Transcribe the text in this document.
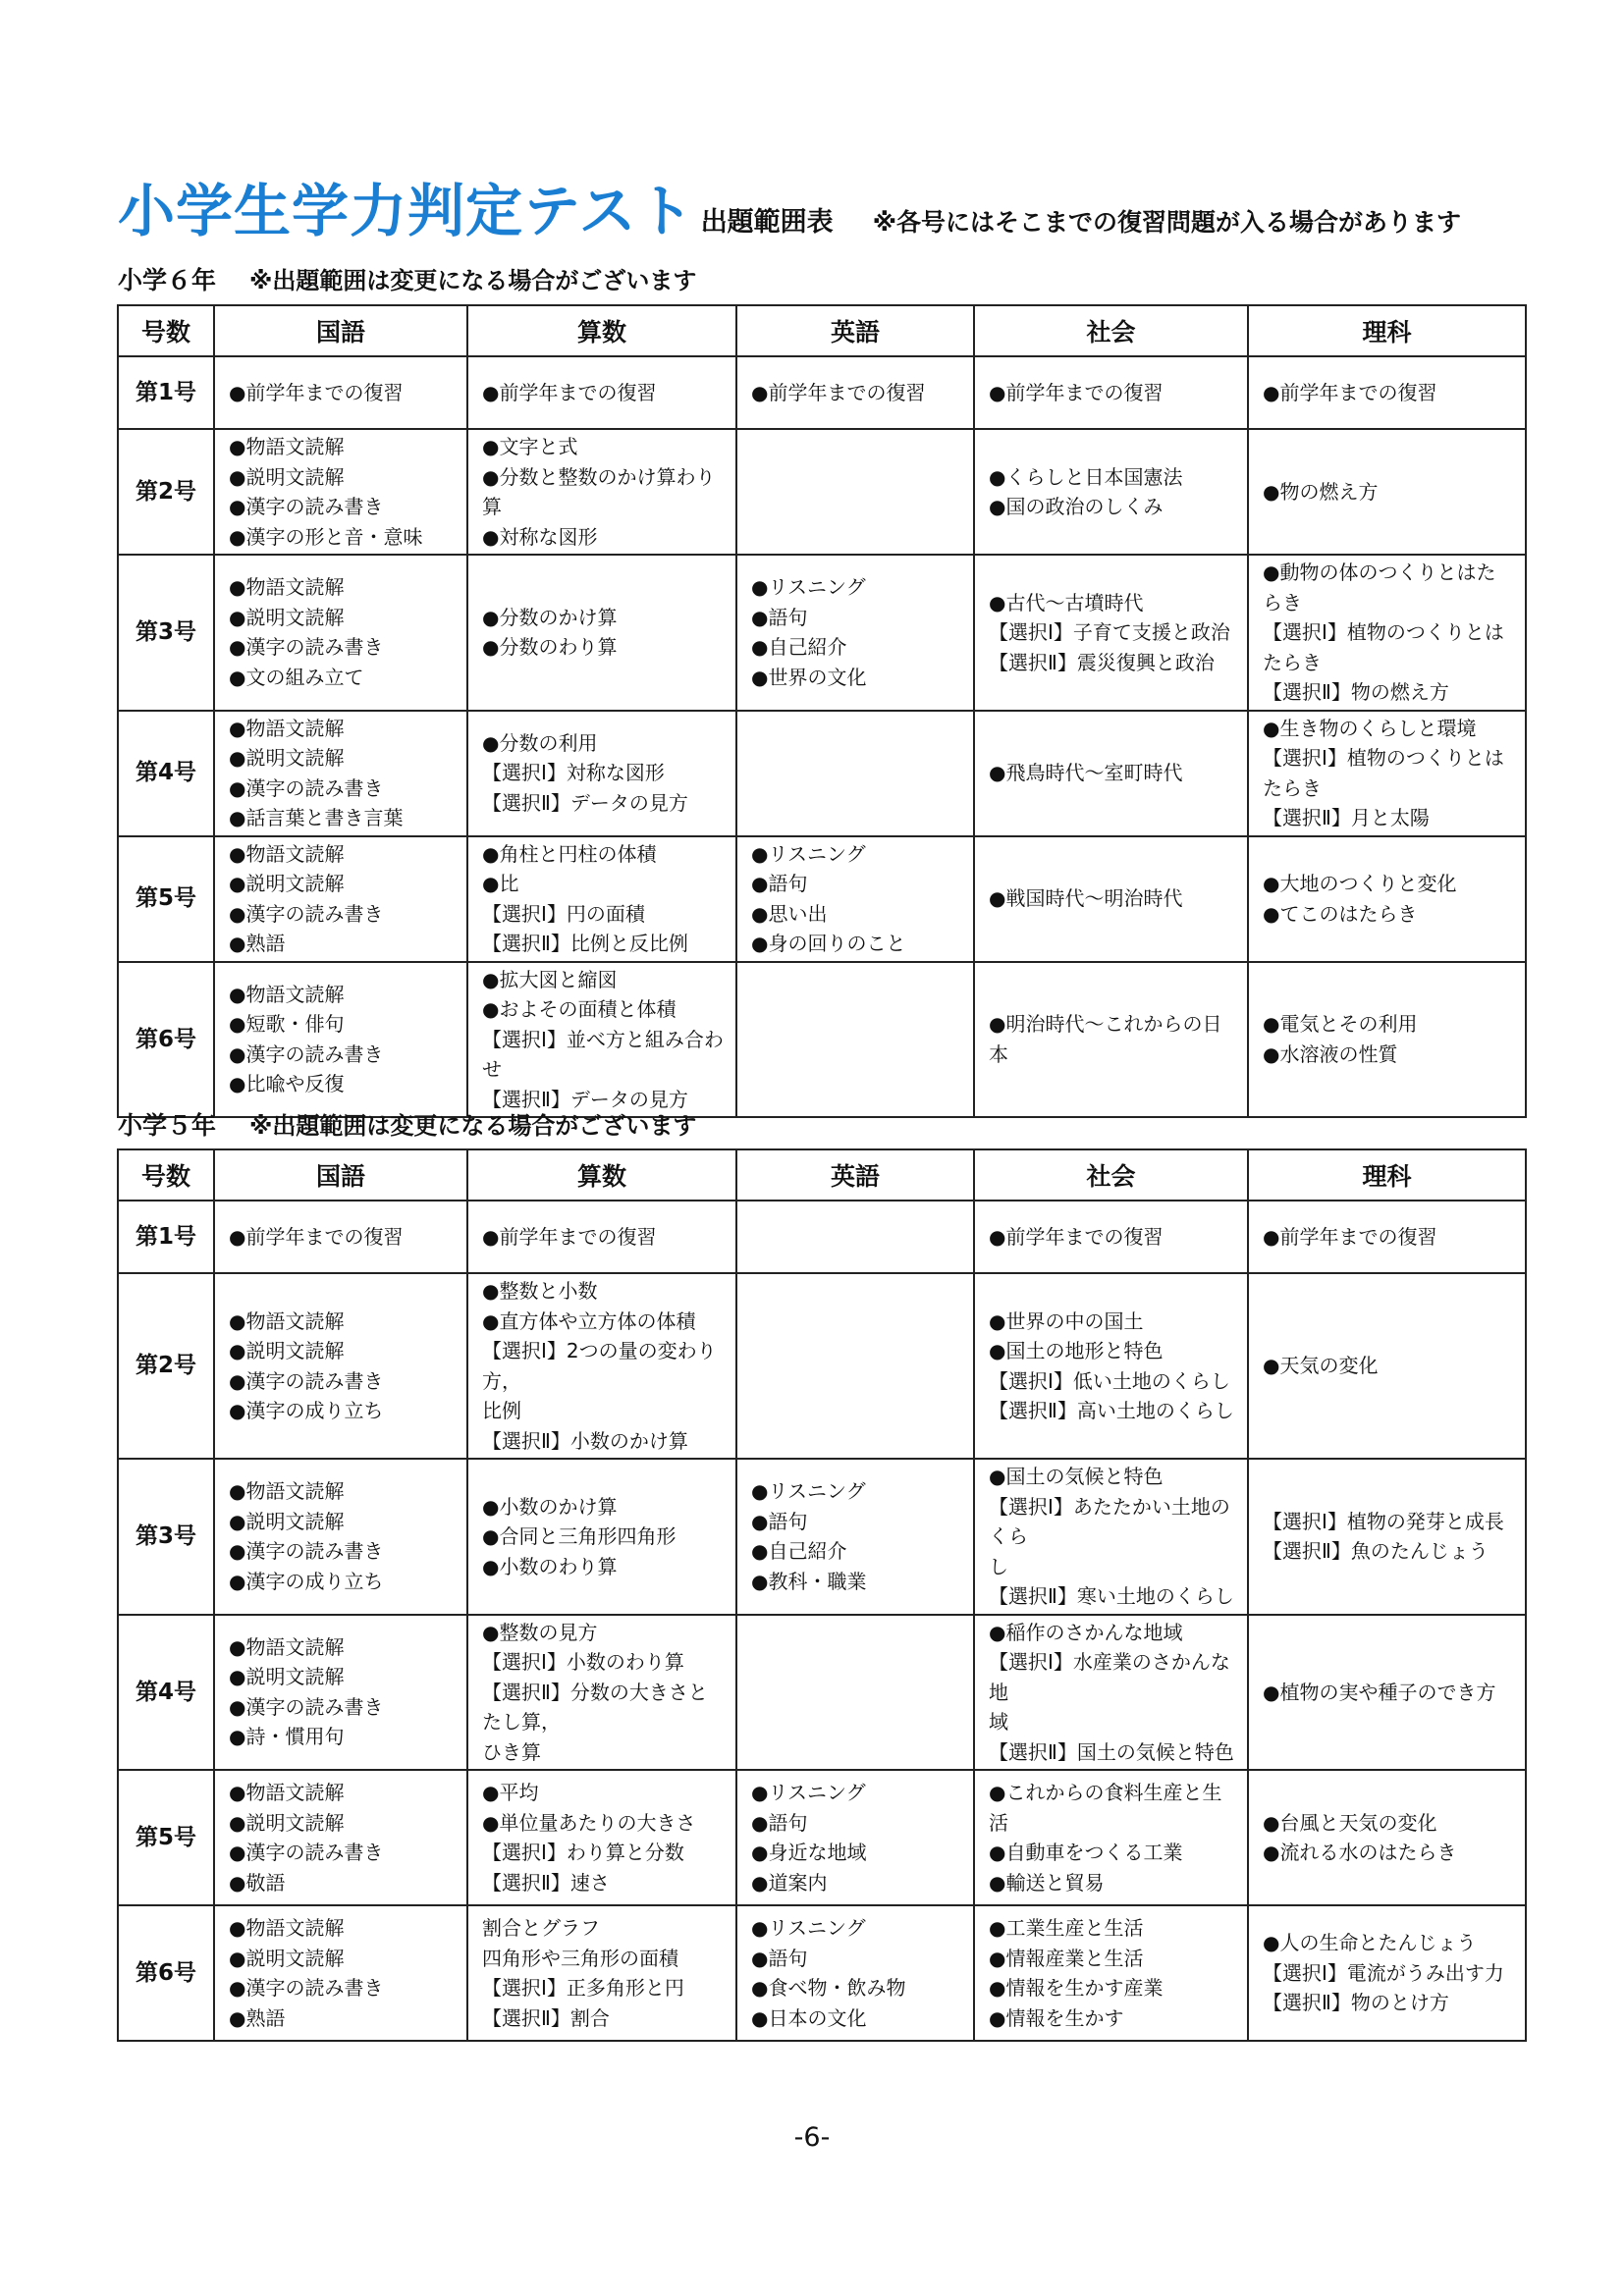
小学生学力判定テスト 出題範囲表 ※各号にはそこまでの復習問題が入る場合があります
小学６年 ※出題範囲は変更になる場合がございます
号数	国語	算数	英語	社会	理科
第1号	●前学年までの復習	●前学年までの復習	●前学年までの復習	●前学年までの復習	●前学年までの復習

第2号	●物語文読解
●説明文読解
●漢字の読み書き
●漢字の形と音・意味	●文字と式
●分数と整数のかけ算わり算
●対称な図形		●くらしと日本国憲法
●国の政治のしくみ	●物の燃え方

第3号	●物語文読解
●説明文読解
●漢字の読み書き
●文の組み立て	●分数のかけ算
●分数のわり算	●リスニング
●語句
●自己紹介
●世界の文化	●古代～古墳時代
【選択Ⅰ】子育て支援と政治
【選択Ⅱ】震災復興と政治	●動物の体のつくりとはたらき
【選択Ⅰ】植物のつくりとはたらき
【選択Ⅱ】物の燃え方

第4号	●物語文読解
●説明文読解
●漢字の読み書き
●話言葉と書き言葉	●分数の利用
【選択Ⅰ】対称な図形
【選択Ⅱ】データの見方		●飛鳥時代～室町時代	●生き物のくらしと環境
【選択Ⅰ】植物のつくりとはたらき
【選択Ⅱ】月と太陽

第5号	●物語文読解
●説明文読解
●漢字の読み書き
●熟語	●角柱と円柱の体積
●比
【選択Ⅰ】円の面積
【選択Ⅱ】比例と反比例	●リスニング
●語句
●思い出
●身の回りのこと	●戦国時代～明治時代	●大地のつくりと変化
●てこのはたらき

第6号	●物語文読解
●短歌・俳句
●漢字の読み書き
●比喩や反復	●拡大図と縮図
●およその面積と体積
【選択Ⅰ】並べ方と組み合わせ
【選択Ⅱ】データの見方		●明治時代～これからの日本	●電気とその利用
●水溶液の性質
小学５年 ※出題範囲は変更になる場合がございます
号数	国語	算数	英語	社会	理科
第1号	●前学年までの復習	●前学年までの復習		●前学年までの復習	●前学年までの復習

第2号	●物語文読解
●説明文読解
●漢字の読み書き
●漢字の成り立ち	●整数と小数
●直方体や立方体の体積
【選択Ⅰ】2つの量の変わり方，
比例
【選択Ⅱ】小数のかけ算		●世界の中の国土
●国土の地形と特色
【選択Ⅰ】低い土地のくらし
【選択Ⅱ】高い土地のくらし	●天気の変化

第3号	●物語文読解
●説明文読解
●漢字の読み書き
●漢字の成り立ち	●小数のかけ算
●合同と三角形四角形
●小数のわり算	●リスニング
●語句
●自己紹介
●教科・職業	●国土の気候と特色
【選択Ⅰ】あたたかい土地のくら
し
【選択Ⅱ】寒い土地のくらし	【選択Ⅰ】植物の発芽と成長
【選択Ⅱ】魚のたんじょう

第4号	●物語文読解
●説明文読解
●漢字の読み書き
●詩・慣用句	●整数の見方
【選択Ⅰ】小数のわり算
【選択Ⅱ】分数の大きさとたし算，
ひき算		●稲作のさかんな地域
【選択Ⅰ】水産業のさかんな地
域
【選択Ⅱ】国土の気候と特色	●植物の実や種子のでき方

第5号	●物語文読解
●説明文読解
●漢字の読み書き
●敬語	●平均
●単位量あたりの大きさ
【選択Ⅰ】わり算と分数
【選択Ⅱ】速さ	●リスニング
●語句
●身近な地域
●道案内	●これからの食料生産と生活
●自動車をつくる工業
●輸送と貿易	●台風と天気の変化
●流れる水のはたらき

第6号	●物語文読解
●説明文読解
●漢字の読み書き
●熟語	割合とグラフ
四角形や三角形の面積
【選択Ⅰ】正多角形と円
【選択Ⅱ】割合	●リスニング
●語句
●食べ物・飲み物
●日本の文化	●工業生産と生活
●情報産業と生活
●情報を生かす産業
●情報を生かす	●人の生命とたんじょう
【選択Ⅰ】電流がうみ出す力
【選択Ⅱ】物のとけ方
-6-
